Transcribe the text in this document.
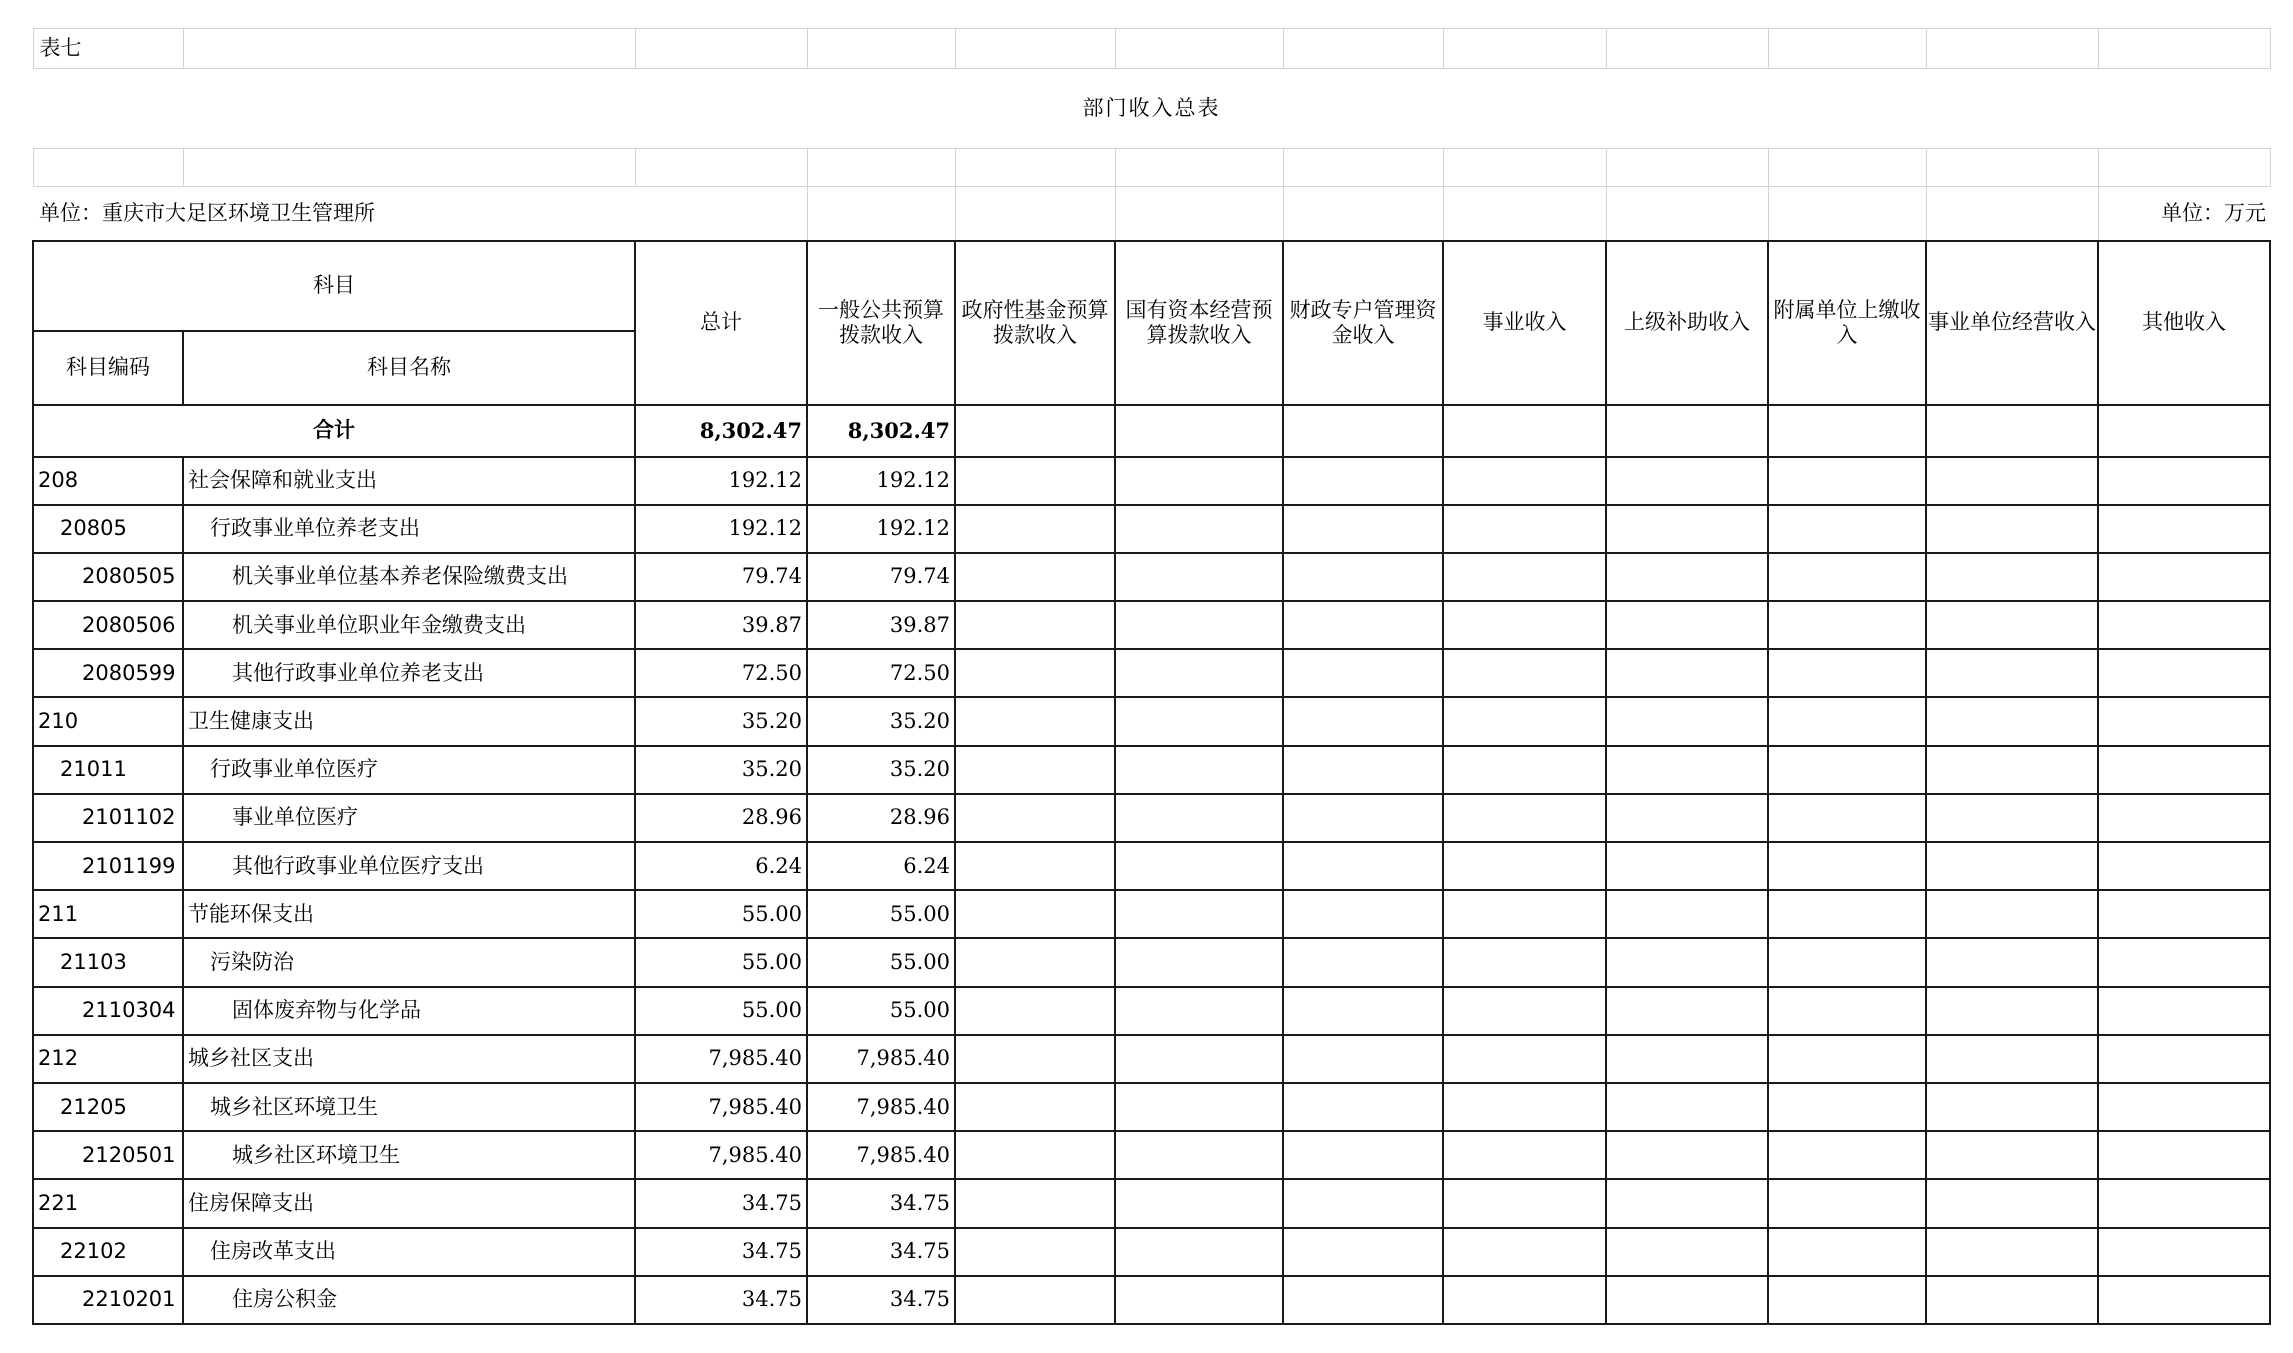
表七											
部门收入总表											

单位：重庆市大足区环境卫生管理所											单位：万元
科目		总计	一般公共预算拨款收入	政府性基金预算拨款收入	国有资本经营预算拨款收入	财政专户管理资金收入	事业收入	上级补助收入	附属单位上缴收入	事业单位经营收入	其他收入
科目编码	科目名称										
合计		8,302.47	8,302.47								
208	社会保障和就业支出	192.12	192.12								
20805	行政事业单位养老支出	192.12	192.12								
2080505	机关事业单位基本养老保险缴费支出	79.74	79.74								
2080506	机关事业单位职业年金缴费支出	39.87	39.87								
2080599	其他行政事业单位养老支出	72.50	72.50								
210	卫生健康支出	35.20	35.20								
21011	行政事业单位医疗	35.20	35.20								
2101102	事业单位医疗	28.96	28.96								
2101199	其他行政事业单位医疗支出	6.24	6.24								
211	节能环保支出	55.00	55.00								
21103	污染防治	55.00	55.00								
2110304	固体废弃物与化学品	55.00	55.00								
212	城乡社区支出	7,985.40	7,985.40								
21205	城乡社区环境卫生	7,985.40	7,985.40								
2120501	城乡社区环境卫生	7,985.40	7,985.40								
221	住房保障支出	34.75	34.75								
22102	住房改革支出	34.75	34.75								
2210201	住房公积金	34.75	34.75								
